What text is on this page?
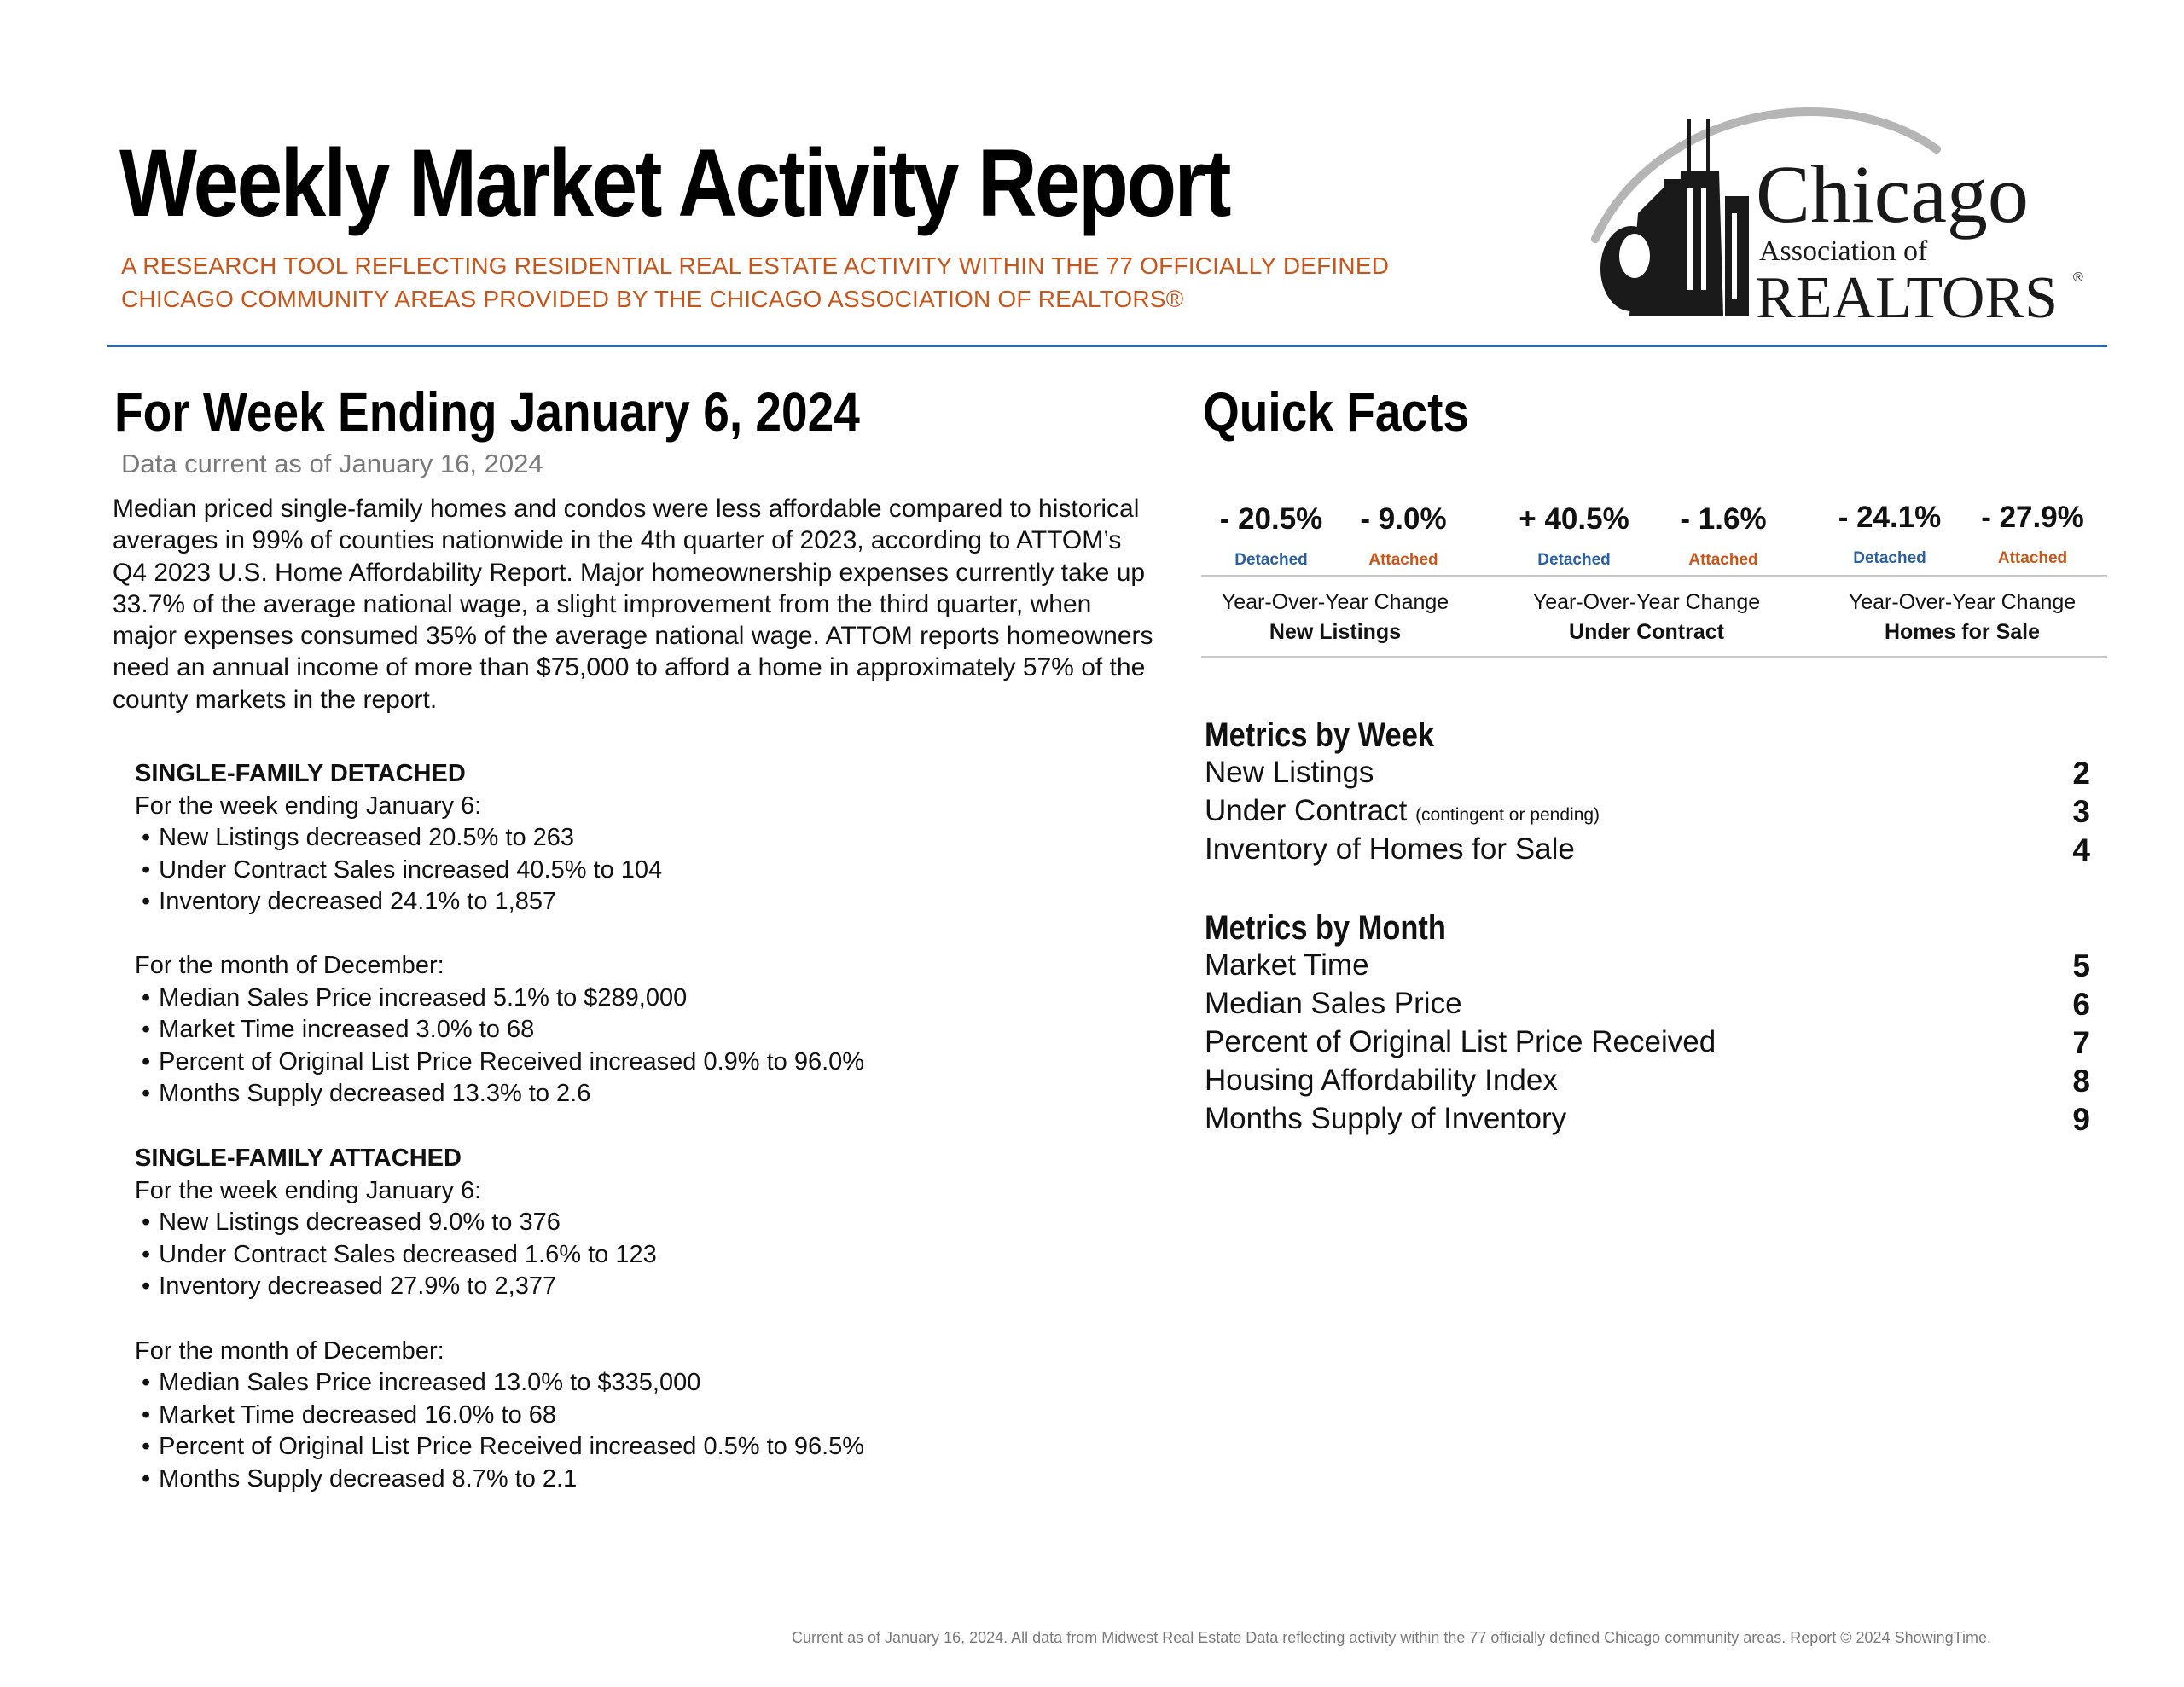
Weekly Market Activity Report
A RESEARCH TOOL REFLECTING RESIDENTIAL REAL ESTATE ACTIVITY WITHIN THE 77 OFFICIALLY DEFINED
CHICAGO COMMUNITY AREAS PROVIDED BY THE CHICAGO ASSOCIATION OF REALTORS®
Chicago
Association of
REALTORS ®
For Week Ending January 6, 2024
Data current as of January 16, 2024
Median priced single-family homes and condos were less affordable compared to historical averages in 99% of counties nationwide in the 4th quarter of 2023, according to ATTOM’s Q4 2023 U.S. Home Affordability Report. Major homeownership expenses currently take up 33.7% of the average national wage, a slight improvement from the third quarter, when major expenses consumed 35% of the average national wage. ATTOM reports homeowners need an annual income of more than $75,000 to afford a home in approximately 57% of the county markets in the report.
SINGLE-FAMILY DETACHED
For the week ending January 6:
• New Listings decreased 20.5% to 263
• Under Contract Sales increased 40.5% to 104
• Inventory decreased 24.1% to 1,857
For the month of December:
• Median Sales Price increased 5.1% to $289,000
• Market Time increased 3.0% to 68
• Percent of Original List Price Received increased 0.9% to 96.0%
• Months Supply decreased 13.3% to 2.6
SINGLE-FAMILY ATTACHED
For the week ending January 6:
• New Listings decreased 9.0% to 376
• Under Contract Sales decreased 1.6% to 123
• Inventory decreased 27.9% to 2,377
For the month of December:
• Median Sales Price increased 13.0% to $335,000
• Market Time decreased 16.0% to 68
• Percent of Original List Price Received increased 0.5% to 96.5%
• Months Supply decreased 8.7% to 2.1
Quick Facts
- 20.5%	- 9.0%
Detached	Attached
Year-Over-Year Change
New Listings
+ 40.5%	- 1.6%
Detached	Attached
Year-Over-Year Change
Under Contract
- 24.1%	- 27.9%
Detached	Attached
Year-Over-Year Change
Homes for Sale
Metrics by Week
New Listings	2
Under Contract (contingent or pending)	3
Inventory of Homes for Sale	4
Metrics by Month
Market Time	5
Median Sales Price	6
Percent of Original List Price Received	7
Housing Affordability Index	8
Months Supply of Inventory	9
Current as of January 16, 2024. All data from Midwest Real Estate Data reflecting activity within the 77 officially defined Chicago community areas. Report © 2024 ShowingTime.
